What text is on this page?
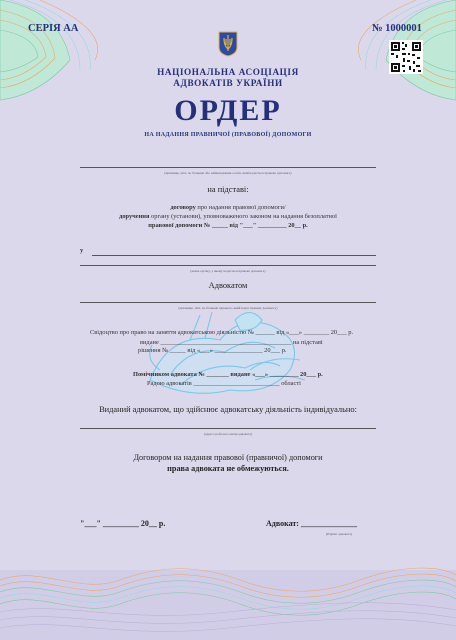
СЕРІЯ АА	№ 1000001
НАЦІОНАЛЬНА АСОЦІАЦІЯ
АДВОКАТІВ УКРАЇНИ
ОРДЕР
НА НАДАННЯ ПРАВНИЧОЇ (ПРАВОВОЇ) ДОПОМОГИ
(прізвище, ім'я, по батькові або найменування особи, якій надається правова допомога)
на підставі:
договору про надання правової допомоги/
доручення органу (установи), уповноваженого законом на надання безоплатної
правової допомоги № _____ від "___" _________ 20__ р.
у
(назва органу, у якому надається правова допомога)
Адвокатом
(прізвище, ім'я, по батькові адвоката, який надає правову допомогу)
Свідоцтво про право на заняття адвокатською діяльністю № ______ від «___» ________ 20___ р.
видане _________________________________________ на підставі
рішення № _____ від «___» _______________ 20___ р.
Помічником адвоката № _______ видане «___» _________ 20___ р.
Радою адвокатів ___________________________ області
Виданий адвокатом, що здійснює адвокатську діяльність індивідуально:
(адреса робочого місця адвоката)
Договором на надання правової (правничої) допомоги
права адвоката не обмежуються.
"___" _________ 20__ р.	Адвокат: ______________
(Підпис адвоката)
